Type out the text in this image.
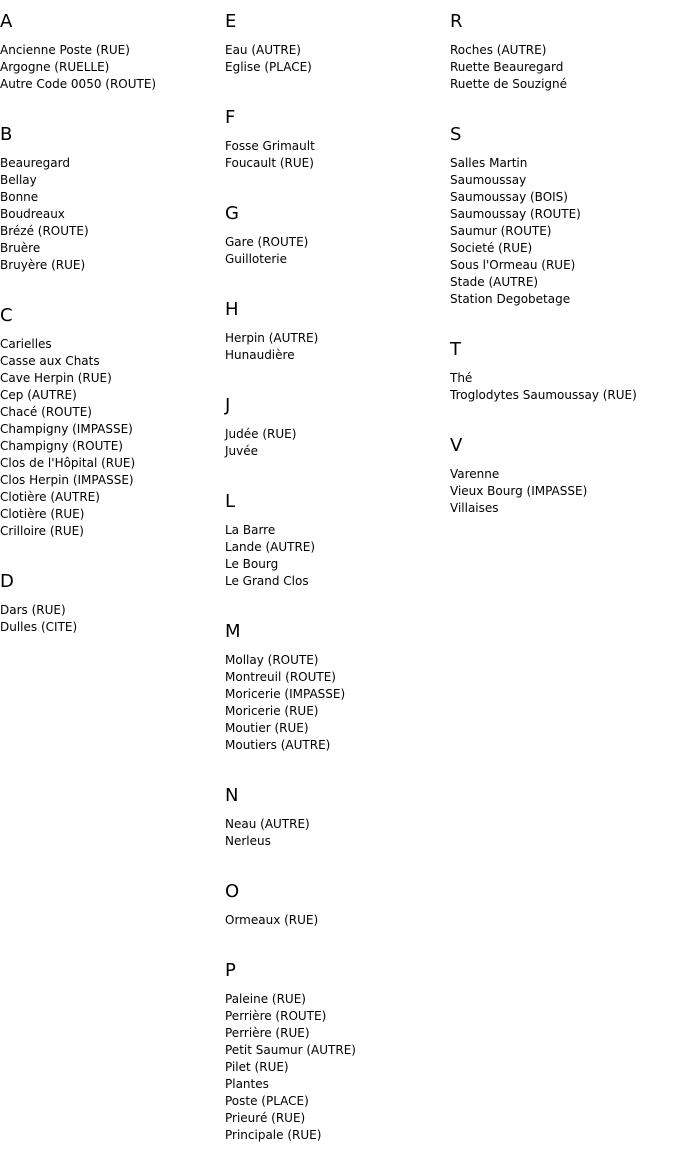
A
Ancienne Poste (RUE)
Argogne (RUELLE)
Autre Code 0050 (ROUTE)
B
Beauregard
Bellay
Bonne
Boudreaux
Brézé (ROUTE)
Bruère
Bruyère (RUE)
C
Carielles
Casse aux Chats
Cave Herpin (RUE)
Cep (AUTRE)
Chacé (ROUTE)
Champigny (IMPASSE)
Champigny (ROUTE)
Clos de l'Hôpital (RUE)
Clos Herpin (IMPASSE)
Clotière (AUTRE)
Clotière (RUE)
Crilloire (RUE)
D
Dars (RUE)
Dulles (CITE)
E
Eau (AUTRE)
Eglise (PLACE)
F
Fosse Grimault
Foucault (RUE)
G
Gare (ROUTE)
Guilloterie
H
Herpin (AUTRE)
Hunaudière
J
Judée (RUE)
Juvée
L
La Barre
Lande (AUTRE)
Le Bourg
Le Grand Clos
M
Mollay (ROUTE)
Montreuil (ROUTE)
Moricerie (IMPASSE)
Moricerie (RUE)
Moutier (RUE)
Moutiers (AUTRE)
N
Neau (AUTRE)
Nerleus
O
Ormeaux (RUE)
P
Paleine (RUE)
Perrière (ROUTE)
Perrière (RUE)
Petit Saumur (AUTRE)
Pilet (RUE)
Plantes
Poste (PLACE)
Prieuré (RUE)
Principale (RUE)
R
Roches (AUTRE)
Ruette Beauregard
Ruette de Souzigné
S
Salles Martin
Saumoussay
Saumoussay (BOIS)
Saumoussay (ROUTE)
Saumur (ROUTE)
Societé (RUE)
Sous l'Ormeau (RUE)
Stade (AUTRE)
Station Degobetage
T
Thé
Troglodytes Saumoussay (RUE)
V
Varenne
Vieux Bourg (IMPASSE)
Villaises
